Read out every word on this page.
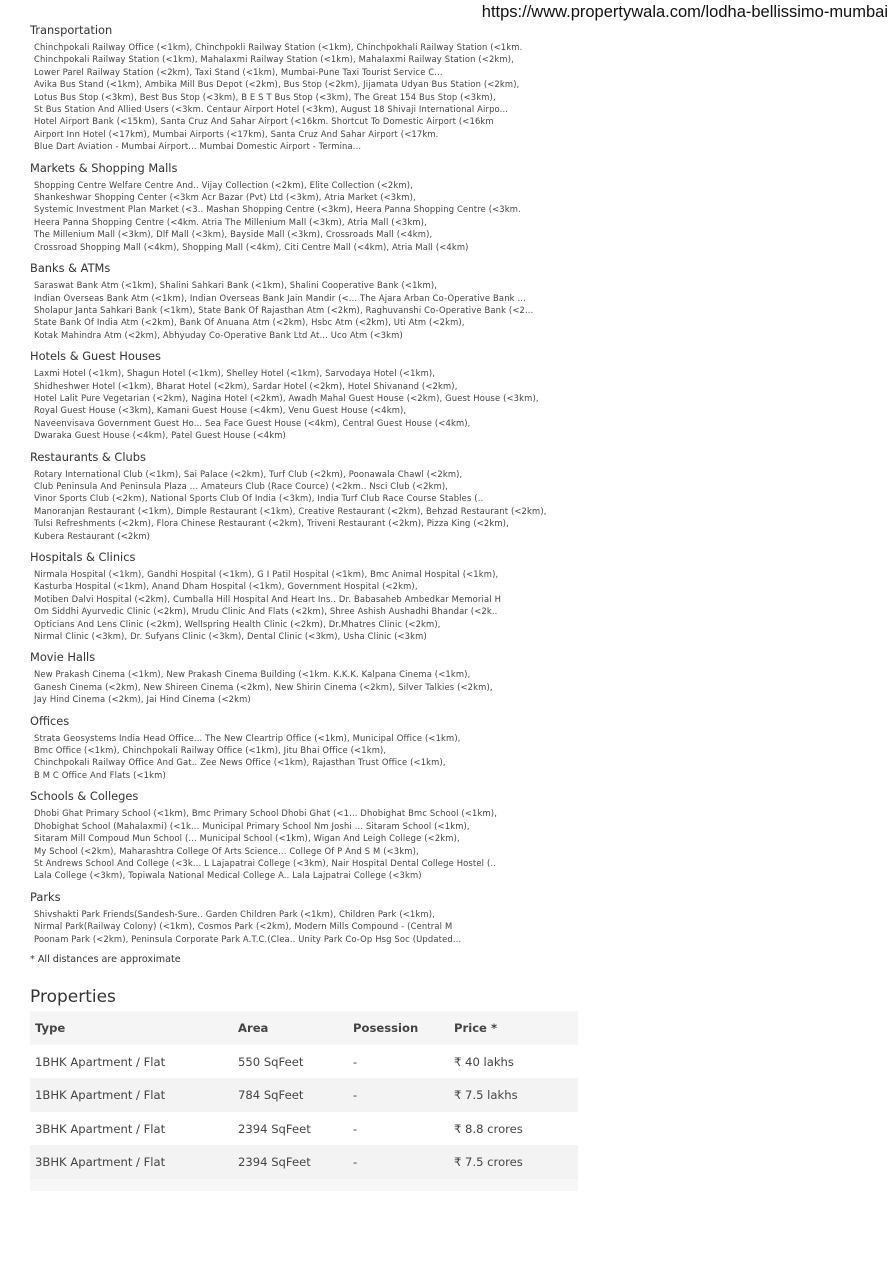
https://www.propertywala.com/lodha-bellissimo-mumbai
Transportation
Chinchpokali Railway Office (<1km), Chinchpokli Railway Station (<1km), Chinchpokhali Railway Station (<1km.
Chinchpokali Railway Station (<1km), Mahalaxmi Railway Station (<1km), Mahalaxmi Railway Station (<2km),
Lower Parel Railway Station (<2km), Taxi Stand (<1km), Mumbai-Pune Taxi Tourist Service C...
Avika Bus Stand (<1km), Ambika Mill Bus Depot (<2km), Bus Stop (<2km), Jijamata Udyan Bus Station (<2km),
Lotus Bus Stop (<3km), Best Bus Stop (<3km), B E S T Bus Stop (<3km), The Great 154 Bus Stop (<3km),
St Bus Station And Allied Users (<3km. Centaur Airport Hotel (<3km), August 18 Shivaji International Airpo...
Hotel Airport Bank (<15km), Santa Cruz And Sahar Airport (<16km. Shortcut To Domestic Airport (<16km
Airport Inn Hotel (<17km), Mumbai Airports (<17km), Santa Cruz And Sahar Airport (<17km.
Blue Dart Aviation - Mumbai Airport... Mumbai Domestic Airport - Termina...
Markets & Shopping Malls
Shopping Centre Welfare Centre And.. Vijay Collection (<2km), Elite Collection (<2km),
Shankeshwar Shopping Center (<3km Acr Bazar (Pvt) Ltd (<3km), Atria Market (<3km),
Systemic Investment Plan Market (<3.. Mashan Shopping Centre (<3km), Heera Panna Shopping Centre (<3km.
Heera Panna Shopping Centre (<4km. Atria The Millenium Mall (<3km), Atria Mall (<3km),
The Millenium Mall (<3km), Dlf Mall (<3km), Bayside Mall (<3km), Crossroads Mall (<4km),
Crossroad Shopping Mall (<4km), Shopping Mall (<4km), Citi Centre Mall (<4km), Atria Mall (<4km)
Banks & ATMs
Saraswat Bank Atm (<1km), Shalini Sahkari Bank (<1km), Shalini Cooperative Bank (<1km),
Indian Overseas Bank Atm (<1km), Indian Overseas Bank Jain Mandir (<... The Ajara Arban Co-Operative Bank ...
Sholapur Janta Sahkari Bank (<1km), State Bank Of Rajasthan Atm (<2km), Raghuvanshi Co-Operative Bank (<2...
State Bank Of India Atm (<2km), Bank Of Anuana Atm (<2km), Hsbc Atm (<2km), Uti Atm (<2km),
Kotak Mahindra Atm (<2km), Abhyuday Co-Operative Bank Ltd At... Uco Atm (<3km)
Hotels & Guest Houses
Laxmi Hotel (<1km), Shagun Hotel (<1km), Shelley Hotel (<1km), Sarvodaya Hotel (<1km),
Shidheshwer Hotel (<1km), Bharat Hotel (<2km), Sardar Hotel (<2km), Hotel Shivanand (<2km),
Hotel Lalit Pure Vegetarian (<2km), Nagina Hotel (<2km), Awadh Mahal Guest House (<2km), Guest House (<3km),
Royal Guest House (<3km), Kamani Guest House (<4km), Venu Guest House (<4km),
Naveenvisava Government Guest Ho... Sea Face Guest House (<4km), Central Guest House (<4km),
Dwaraka Guest House (<4km), Patel Guest House (<4km)
Restaurants & Clubs
Rotary International Club (<1km), Sai Palace (<2km), Turf Club (<2km), Poonawala Chawl (<2km),
Club Peninsula And Peninsula Plaza ... Amateurs Club (Race Cource) (<2km.. Nsci Club (<2km),
Vinor Sports Club (<2km), National Sports Club Of India (<3km), India Turf Club Race Course Stables (..
Manoranjan Restaurant (<1km), Dimple Restaurant (<1km), Creative Restaurant (<2km), Behzad Restaurant (<2km),
Tulsi Refreshments (<2km), Flora Chinese Restaurant (<2km), Triveni Restaurant (<2km), Pizza King (<2km),
Kubera Restaurant (<2km)
Hospitals & Clinics
Nirmala Hospital (<1km), Gandhi Hospital (<1km), G I Patil Hospital (<1km), Bmc Animal Hospital (<1km),
Kasturba Hospital (<1km), Anand Dham Hospital (<1km), Government Hospital (<2km),
Motiben Dalvi Hospital (<2km), Cumballa Hill Hospital And Heart Ins.. Dr. Babasaheb Ambedkar Memorial H
Om Siddhi Ayurvedic Clinic (<2km), Mrudu Clinic And Flats (<2km), Shree Ashish Aushadhi Bhandar (<2k..
Opticians And Lens Clinic (<2km), Wellspring Health Clinic (<2km), Dr.Mhatres Clinic (<2km),
Nirmal Clinic (<3km), Dr. Sufyans Clinic (<3km), Dental Clinic (<3km), Usha Clinic (<3km)
Movie Halls
New Prakash Cinema (<1km), New Prakash Cinema Building (<1km. K.K.K. Kalpana Cinema (<1km),
Ganesh Cinema (<2km), New Shireen Cinema (<2km), New Shirin Cinema (<2km), Silver Talkies (<2km),
Jay Hind Cinema (<2km), Jai Hind Cinema (<2km)
Offices
Strata Geosystems India Head Office... The New Cleartrip Office (<1km), Municipal Office (<1km),
Bmc Office (<1km), Chinchpokali Railway Office (<1km), Jitu Bhai Office (<1km),
Chinchpokali Railway Office And Gat.. Zee News Office (<1km), Rajasthan Trust Office (<1km),
B M C Office And Flats (<1km)
Schools & Colleges
Dhobi Ghat Primary School (<1km), Bmc Primary School Dhobi Ghat (<1... Dhobighat Bmc School (<1km),
Dhobighat School (Mahalaxmi) (<1k... Municipal Primary School Nm Joshi ... Sitaram School (<1km),
Sitaram Mill Compoud Mun School (... Municipal School (<1km), Wigan And Leigh College (<2km),
My School (<2km), Maharashtra College Of Arts Science... College Of P And S M (<3km),
St Andrews School And College (<3k... L Lajapatrai College (<3km), Nair Hospital Dental College Hostel (..
Lala College (<3km), Topiwala National Medical College A.. Lala Lajpatrai College (<3km)
Parks
Shivshakti Park Friends(Sandesh-Sure.. Garden Children Park (<1km), Children Park (<1km),
Nirmal Park(Railway Colony) (<1km), Cosmos Park (<2km), Modern Mills Compound - (Central M
Poonam Park (<2km), Peninsula Corporate Park A.T.C.(Clea.. Unity Park Co-Op Hsg Soc (Updated...
* All distances are approximate
Properties
Type	Area	Posession	Price *
1BHK Apartment / Flat	550 SqFeet	-	₹ 40 lakhs
1BHK Apartment / Flat	784 SqFeet	-	₹ 7.5 lakhs
3BHK Apartment / Flat	2394 SqFeet	-	₹ 8.8 crores
3BHK Apartment / Flat	2394 SqFeet	-	₹ 7.5 crores
